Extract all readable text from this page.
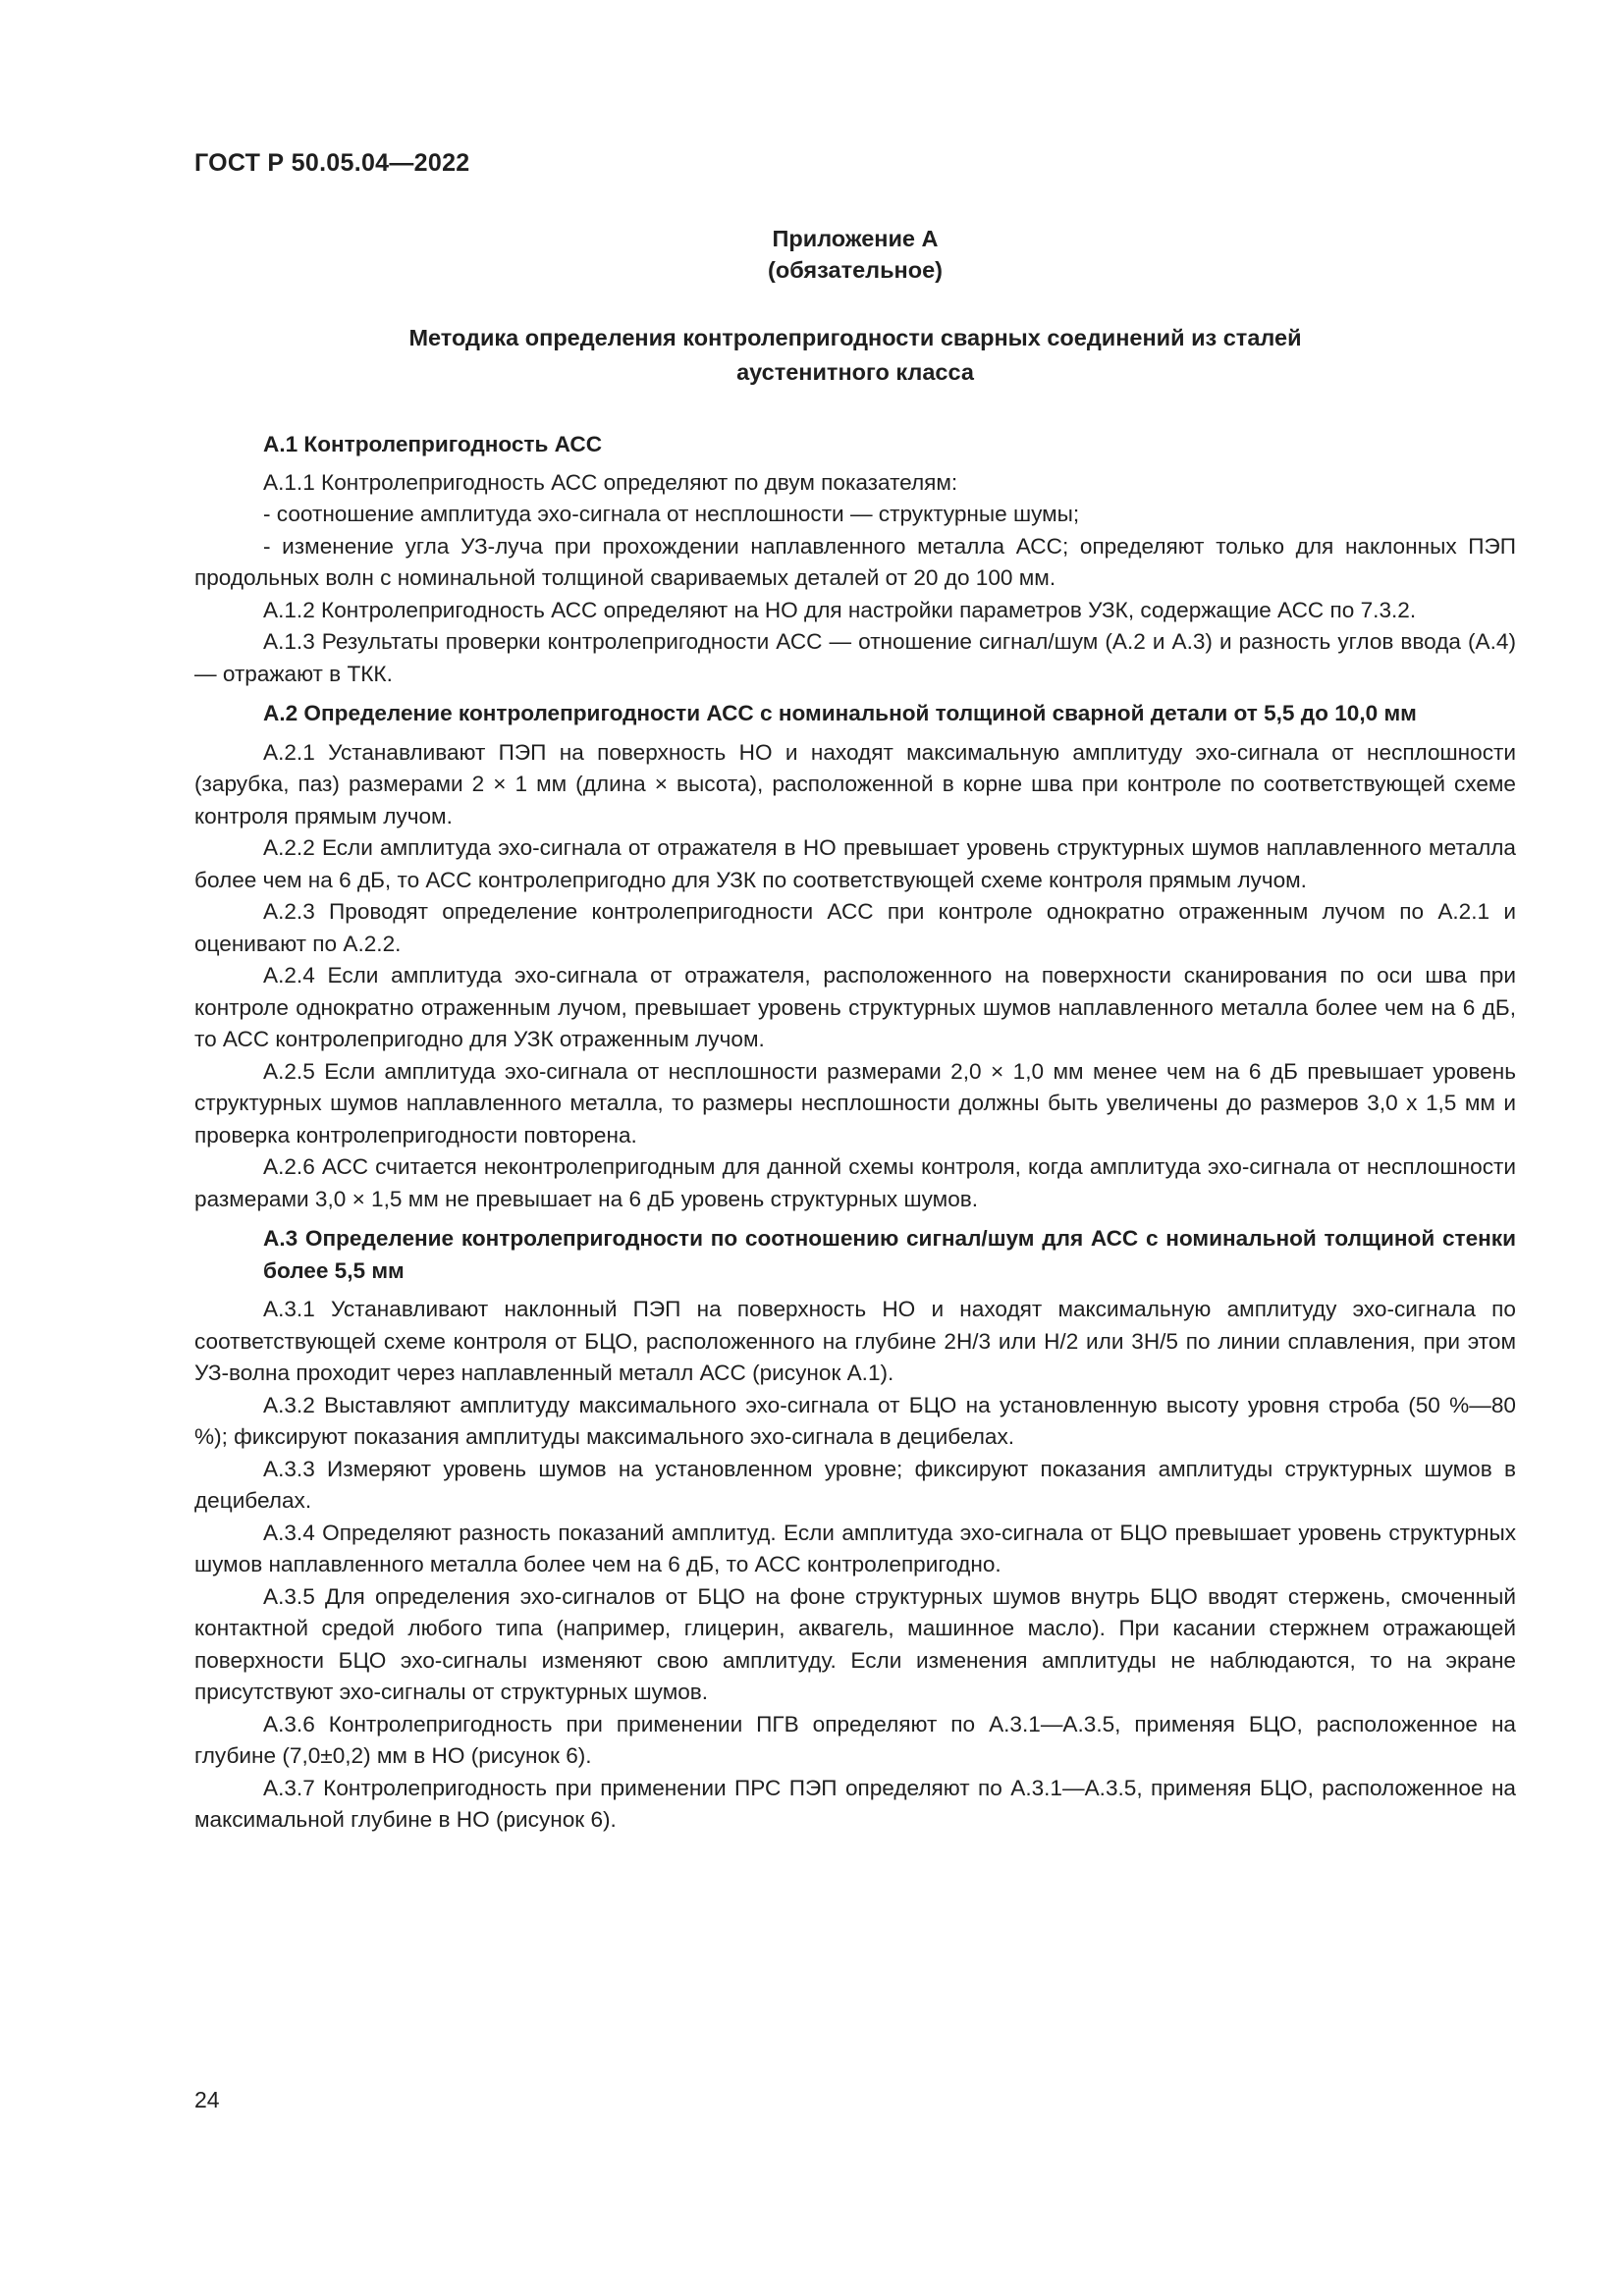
ГОСТ Р 50.05.04—2022
Приложение А
(обязательное)
Методика определения контролепригодности сварных соединений из сталей
аустенитного класса

А.1 Контролепригодность АСС

А.1.1 Контролепригодность АСС определяют по двум показателям:

- соотношение амплитуда эхо-сигнала от несплошности — структурные шумы;

- изменение угла УЗ-луча при прохождении наплавленного металла АСС; определяют только для наклонных ПЭП продольных волн с номинальной толщиной свариваемых деталей от 20 до 100 мм.

А.1.2 Контролепригодность АСС определяют на НО для настройки параметров УЗК, содержащие АСС по 7.3.2.

А.1.3 Результаты проверки контролепригодности АСС — отношение сигнал/шум (А.2 и А.3) и разность углов ввода (А.4) — отражают в ТКК.

А.2 Определение контролепригодности АСС с номинальной толщиной сварной детали от 5,5 до 10,0 мм

А.2.1 Устанавливают ПЭП на поверхность НО и находят максимальную амплитуду эхо-сигнала от несплошности (зарубка, паз) размерами 2 × 1 мм (длина × высота), расположенной в корне шва при контроле по соответствующей схеме контроля прямым лучом.

А.2.2 Если амплитуда эхо-сигнала от отражателя в НО превышает уровень структурных шумов наплавленного металла более чем на 6 дБ, то АСС контролепригодно для УЗК по соответствующей схеме контроля прямым лучом.

А.2.3 Проводят определение контролепригодности АСС при контроле однократно отраженным лучом по А.2.1 и оценивают по А.2.2.

А.2.4 Если амплитуда эхо-сигнала от отражателя, расположенного на поверхности сканирования по оси шва при контроле однократно отраженным лучом, превышает уровень структурных шумов наплавленного металла более чем на 6 дБ, то АСС контролепригодно для УЗК отраженным лучом.

А.2.5 Если амплитуда эхо-сигнала от несплошности размерами 2,0 × 1,0 мм менее чем на 6 дБ превышает уровень структурных шумов наплавленного металла, то размеры несплошности должны быть увеличены до размеров 3,0 х 1,5 мм и проверка контролепригодности повторена.

А.2.6 АСС считается неконтролепригодным для данной схемы контроля, когда амплитуда эхо-сигнала от несплошности размерами 3,0 × 1,5 мм не превышает на 6 дБ уровень структурных шумов.

А.3 Определение контролепригодности по соотношению сигнал/шум для АСС с номинальной толщиной стенки более 5,5 мм

А.3.1 Устанавливают наклонный ПЭП на поверхность НО и находят максимальную амплитуду эхо-сигнала по соответствующей схеме контроля от БЦО, расположенного на глубине 2H/3 или H/2 или 3H/5 по линии сплавления, при этом УЗ-волна проходит через наплавленный металл АСС (рисунок А.1).

А.3.2 Выставляют амплитуду максимального эхо-сигнала от БЦО на установленную высоту уровня строба (50 %—80 %); фиксируют показания амплитуды максимального эхо-сигнала в децибелах.

А.3.3 Измеряют уровень шумов на установленном уровне; фиксируют показания амплитуды структурных шумов в децибелах.

А.3.4 Определяют разность показаний амплитуд. Если амплитуда эхо-сигнала от БЦО превышает уровень структурных шумов наплавленного металла более чем на 6 дБ, то АСС контролепригодно.

А.3.5 Для определения эхо-сигналов от БЦО на фоне структурных шумов внутрь БЦО вводят стержень, смоченный контактной средой любого типа (например, глицерин, аквагель, машинное масло). При касании стержнем отражающей поверхности БЦО эхо-сигналы изменяют свою амплитуду. Если изменения амплитуды не наблюдаются, то на экране присутствуют эхо-сигналы от структурных шумов.

А.3.6 Контролепригодность при применении ПГВ определяют по А.3.1—А.3.5, применяя БЦО, расположенное на глубине (7,0±0,2) мм в НО (рисунок 6).

А.3.7 Контролепригодность при применении ПРС ПЭП определяют по А.3.1—А.3.5, применяя БЦО, расположенное на максимальной глубине в НО (рисунок 6).

24
